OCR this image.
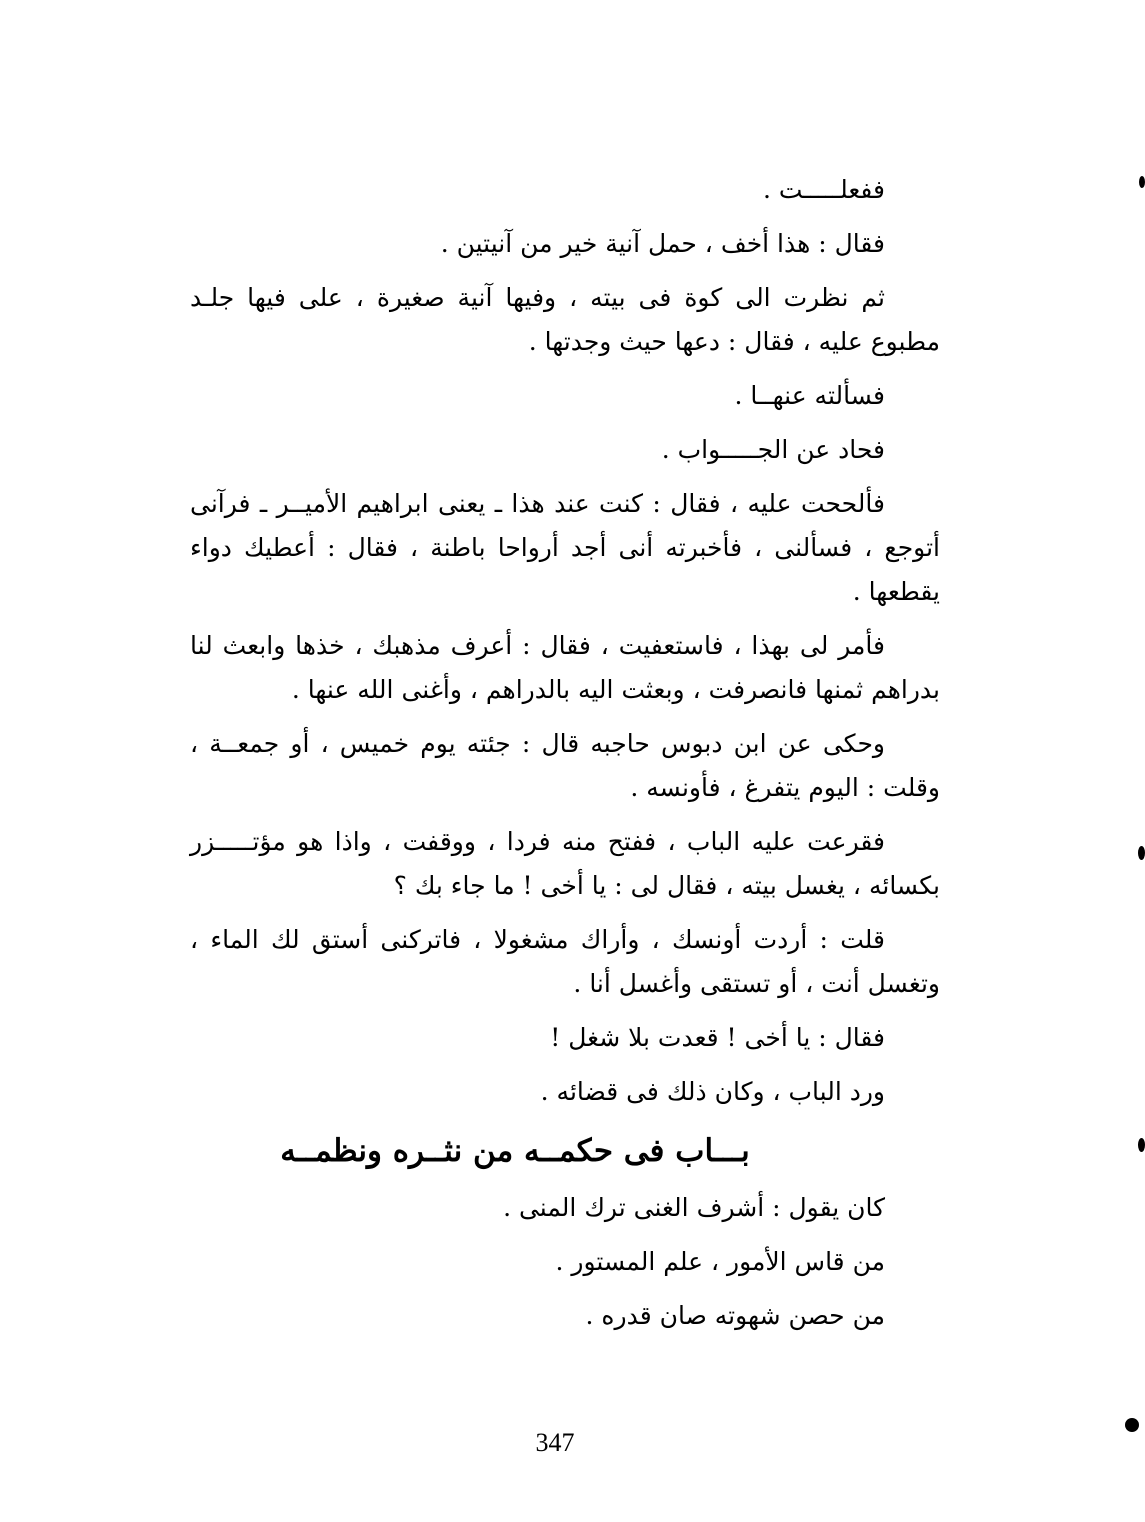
ففعلـــــت .

فقال : هذا أخف ، حمل آنية خير من آنيتين .

ثم نظرت الى كوة فى بيته ، وفيها آنية صغيرة ، على فيها جلـد مطبوع عليه ، فقال : دعها حيث وجدتها .

فسألته عنهــا .

فحاد عن الجـــــواب .

فألححت عليه ، فقال : كنت عند هذا ـ يعنى ابراهيم الأميــر ـ فرآنى أتوجع ، فسألنى ، فأخبرته أنى أجد أرواحا باطنة ، فقال : أعطيك دواء يقطعها .

فأمر لى بهذا ، فاستعفيت ، فقال : أعرف مذهبك ، خذها وابعث لنا بدراهم ثمنها فانصرفت ، وبعثت اليه بالدراهم ، وأغنى الله عنها .

وحكى عن ابن دبوس حاجبه قال : جئته يوم خميس ، أو جمعــة ، وقلت : اليوم يتفرغ ، فأونسه .

فقرعت عليه الباب ، ففتح منه فردا ، ووقفت ، واذا هو مؤتـــــزر بكسائه ، يغسل بيته ، فقال لى : يا أخى ! ما جاء بك ؟

قلت : أردت أونسك ، وأراك مشغولا ، فاتركنى أستق لك الماء ، وتغسل أنت ، أو تستقى وأغسل أنا .

فقال : يا أخى ! قعدت بلا شغل !

ورد الباب ، وكان ذلك فى قضائه .

بـــاب فى حكمــه من نثــره ونظمــه

كان يقول : أشرف الغنى ترك المنى .

من قاس الأمور ، علم المستور .

من حصن شهوته صان قدره .

347
